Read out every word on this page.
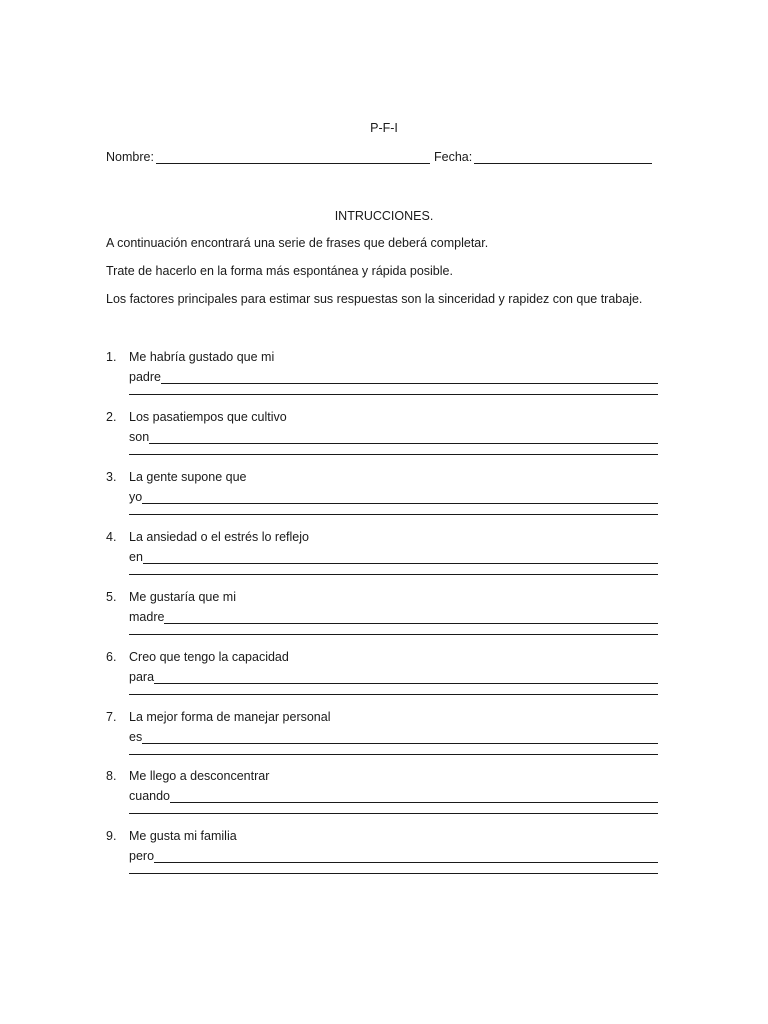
P-F-I
Nombre:	Fecha:
INTRUCCIONES.
A continuación encontrará una serie de frases que deberá completar.
Trate de hacerlo en la forma más espontánea y rápida posible.
Los factores principales para estimar sus respuestas son la sinceridad y rapidez con que trabaje.
1. Me habría gustado que mi
padre
2. Los pasatiempos que cultivo
son
3. La gente supone que
yo
4. La ansiedad o el estrés lo reflejo
en
5. Me gustaría que mi
madre
6. Creo que tengo la capacidad
para
7. La mejor forma de manejar personal
es
8. Me llego a desconcentrar
cuando
9. Me gusta mi familia
pero
